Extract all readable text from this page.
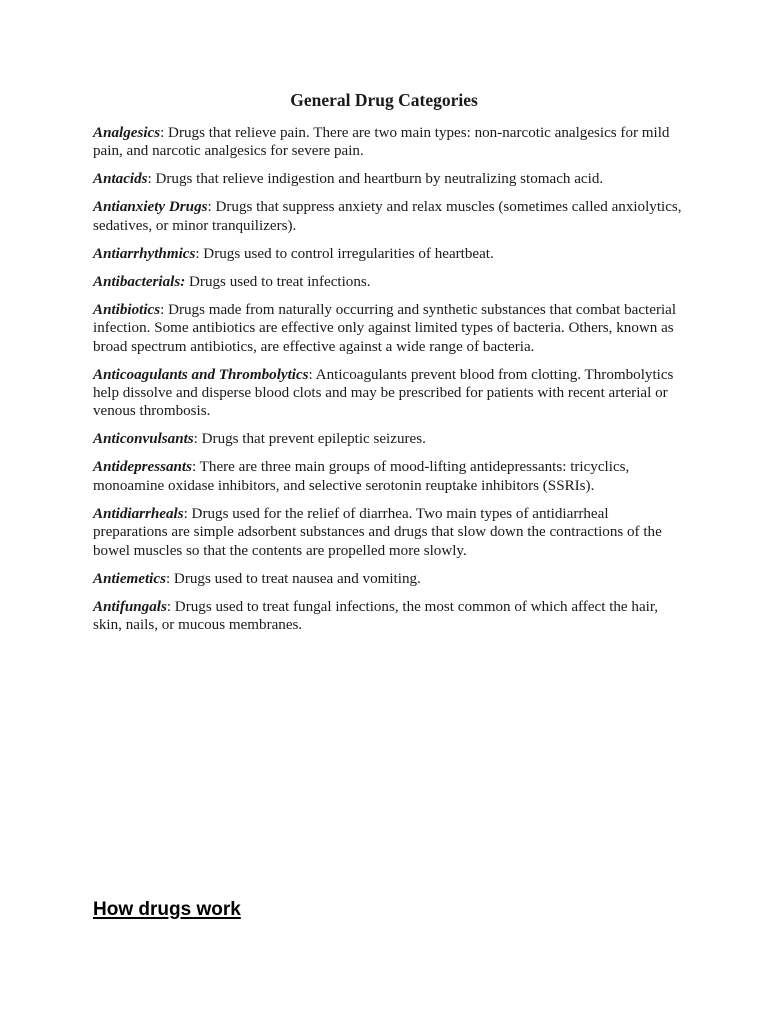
General Drug Categories

Analgesics: Drugs that relieve pain. There are two main types: non-narcotic analgesics for mild pain, and narcotic analgesics for severe pain.

Antacids: Drugs that relieve indigestion and heartburn by neutralizing stomach acid.

Antianxiety Drugs: Drugs that suppress anxiety and relax muscles (sometimes called anxiolytics, sedatives, or minor tranquilizers).

Antiarrhythmics: Drugs used to control irregularities of heartbeat.

Antibacterials: Drugs used to treat infections.

Antibiotics: Drugs made from naturally occurring and synthetic substances that combat bacterial infection. Some antibiotics are effective only against limited types of bacteria. Others, known as broad spectrum antibiotics, are effective against a wide range of bacteria.

Anticoagulants and Thrombolytics: Anticoagulants prevent blood from clotting. Thrombolytics help dissolve and disperse blood clots and may be prescribed for patients with recent arterial or venous thrombosis.

Anticonvulsants: Drugs that prevent epileptic seizures.

Antidepressants: There are three main groups of mood-lifting antidepressants: tricyclics, monoamine oxidase inhibitors, and selective serotonin reuptake inhibitors (SSRIs).

Antidiarrheals: Drugs used for the relief of diarrhea. Two main types of antidiarrheal preparations are simple adsorbent substances and drugs that slow down the contractions of the bowel muscles so that the contents are propelled more slowly.

Antiemetics: Drugs used to treat nausea and vomiting.

Antifungals: Drugs used to treat fungal infections, the most common of which affect the hair, skin, nails, or mucous membranes.

How drugs work
